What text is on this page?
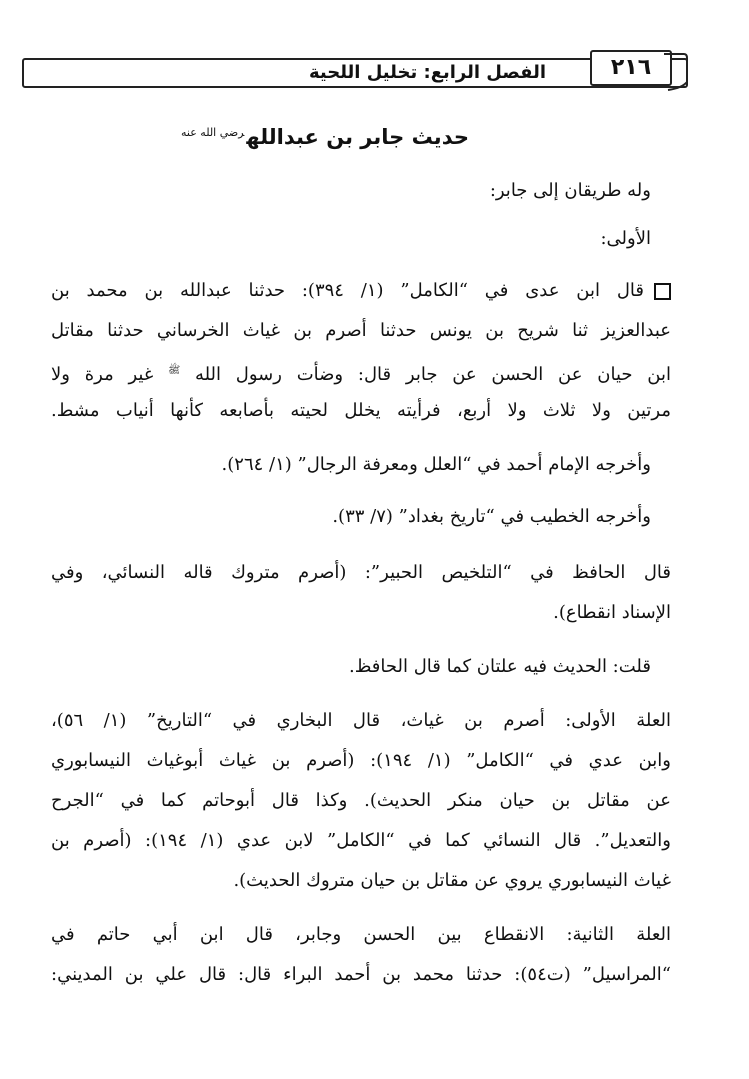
الفصل الرابع: تخليل اللحية	٢١٦
حديث جابر بن عبدالله$^{رضي الله عنه}$
وله طريقان إلى جابر:
الأولى:
قال ابن عدى في “الكامل” (١/ ٣٩٤): حدثنا عبدالله بن محمد بن
عبدالعزيز ثنا شريح بن يونس حدثنا أصرم بن غياث الخرساني حدثنا مقاتل
ابن حيان عن الحسن عن جابر قال: وضأت رسول الله $^ﷺ$ غير مرة ولا
مرتين ولا ثلاث ولا أربع، فرأيته يخلل لحيته بأصابعه كأنها أنياب مشط.
وأخرجه الإمام أحمد في “العلل ومعرفة الرجال” (١/ ٢٦٤).
وأخرجه الخطيب في “تاريخ بغداد” (٧/ ٣٣).
قال الحافظ في “التلخيص الحبير”: (أصرم متروك قاله النسائي، وفي
الإسناد انقطاع).
قلت: الحديث فيه علتان كما قال الحافظ.
العلة الأولى: أصرم بن غياث، قال البخاري في “التاريخ” (١/ ٥٦)،
وابن عدي في “الكامل” (١/ ١٩٤): (أصرم بن غياث أبوغياث النيسابوري
عن مقاتل بن حيان منكر الحديث). وكذا قال أبوحاتم كما في “الجرح
والتعديل”. قال النسائي كما في “الكامل” لابن عدي (١/ ١٩٤): (أصرم بن
غياث النيسابوري يروي عن مقاتل بن حيان متروك الحديث).
العلة الثانية: الانقطاع بين الحسن وجابر، قال ابن أبي حاتم في
“المراسيل” (ت٥٤): حدثنا محمد بن أحمد البراء قال: قال علي بن المديني:
